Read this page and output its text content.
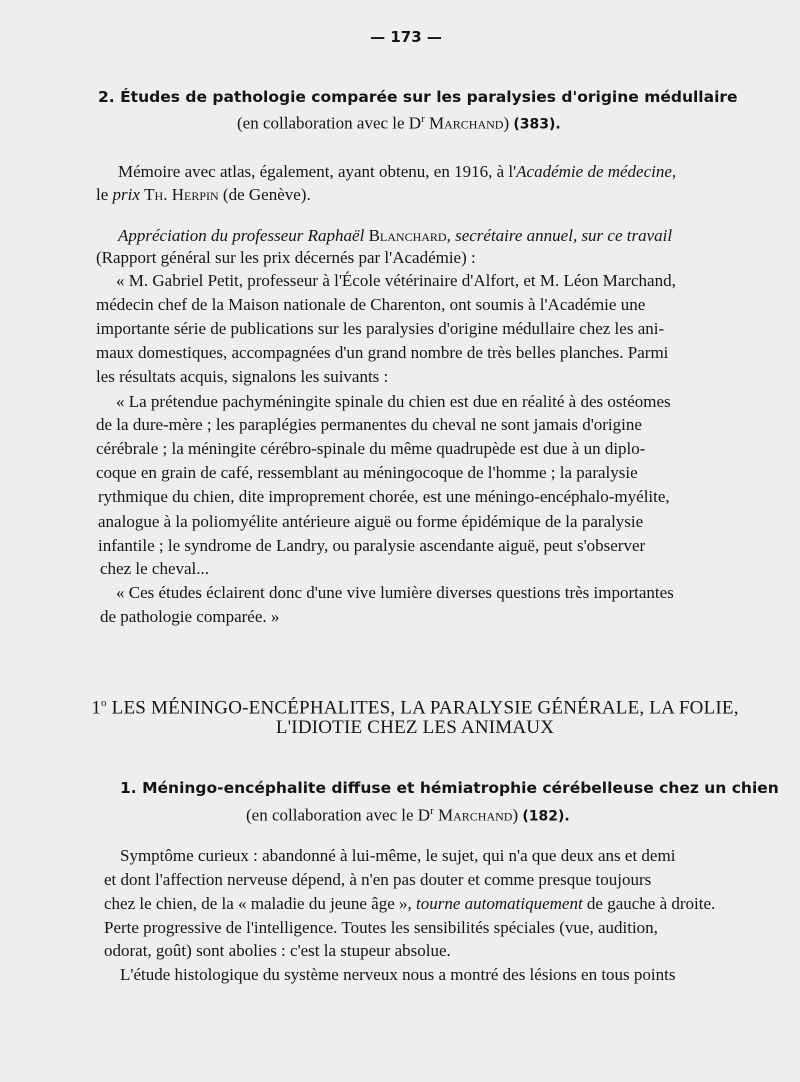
— 173 —
2. Études de pathologie comparée sur les paralysies d'origine médullaire
(en collaboration avec le $D^r$ Marchand) (383).
Mémoire avec atlas, également, ayant obtenu, en 1916, à l'Académie de médecine,
le prix Th. Herpin (de Genève).
Appréciation du professeur Raphaël Blanchard, secrétaire annuel, sur ce travail
(Rapport général sur les prix décernés par l'Académie) :
« M. Gabriel Petit, professeur à l'École vétérinaire d'Alfort, et M. Léon Marchand,
médecin chef de la Maison nationale de Charenton, ont soumis à l'Académie une
importante série de publications sur les paralysies d'origine médullaire chez les ani-
maux domestiques, accompagnées d'un grand nombre de très belles planches. Parmi
les résultats acquis, signalons les suivants :
« La prétendue pachyméningite spinale du chien est due en réalité à des ostéomes
de la dure-mère ; les paraplégies permanentes du cheval ne sont jamais d'origine
cérébrale ; la méningite cérébro-spinale du même quadrupède est due à un diplo-
coque en grain de café, ressemblant au méningocoque de l'homme ; la paralysie
rythmique du chien, dite improprement chorée, est une méningo-encéphalo-myélite,
analogue à la poliomyélite antérieure aiguë ou forme épidémique de la paralysie
infantile ; le syndrome de Landry, ou paralysie ascendante aiguë, peut s'observer
chez le cheval...
« Ces études éclairent donc d'une vive lumière diverses questions très importantes
de pathologie comparée. »
1$^o$ LES MÉNINGO-ENCÉPHALITES, LA PARALYSIE GÉNÉRALE, LA FOLIE,
L'IDIOTIE CHEZ LES ANIMAUX
1. Méningo-encéphalite diffuse et hémiatrophie cérébelleuse chez un chien
(en collaboration avec le $D^r$ Marchand) (182).
Symptôme curieux : abandonné à lui-même, le sujet, qui n'a que deux ans et demi
et dont l'affection nerveuse dépend, à n'en pas douter et comme presque toujours
chez le chien, de la « maladie du jeune âge », tourne automatiquement de gauche à droite.
Perte progressive de l'intelligence. Toutes les sensibilités spéciales (vue, audition,
odorat, goût) sont abolies : c'est la stupeur absolue.
L'étude histologique du système nerveux nous a montré des lésions en tous points
